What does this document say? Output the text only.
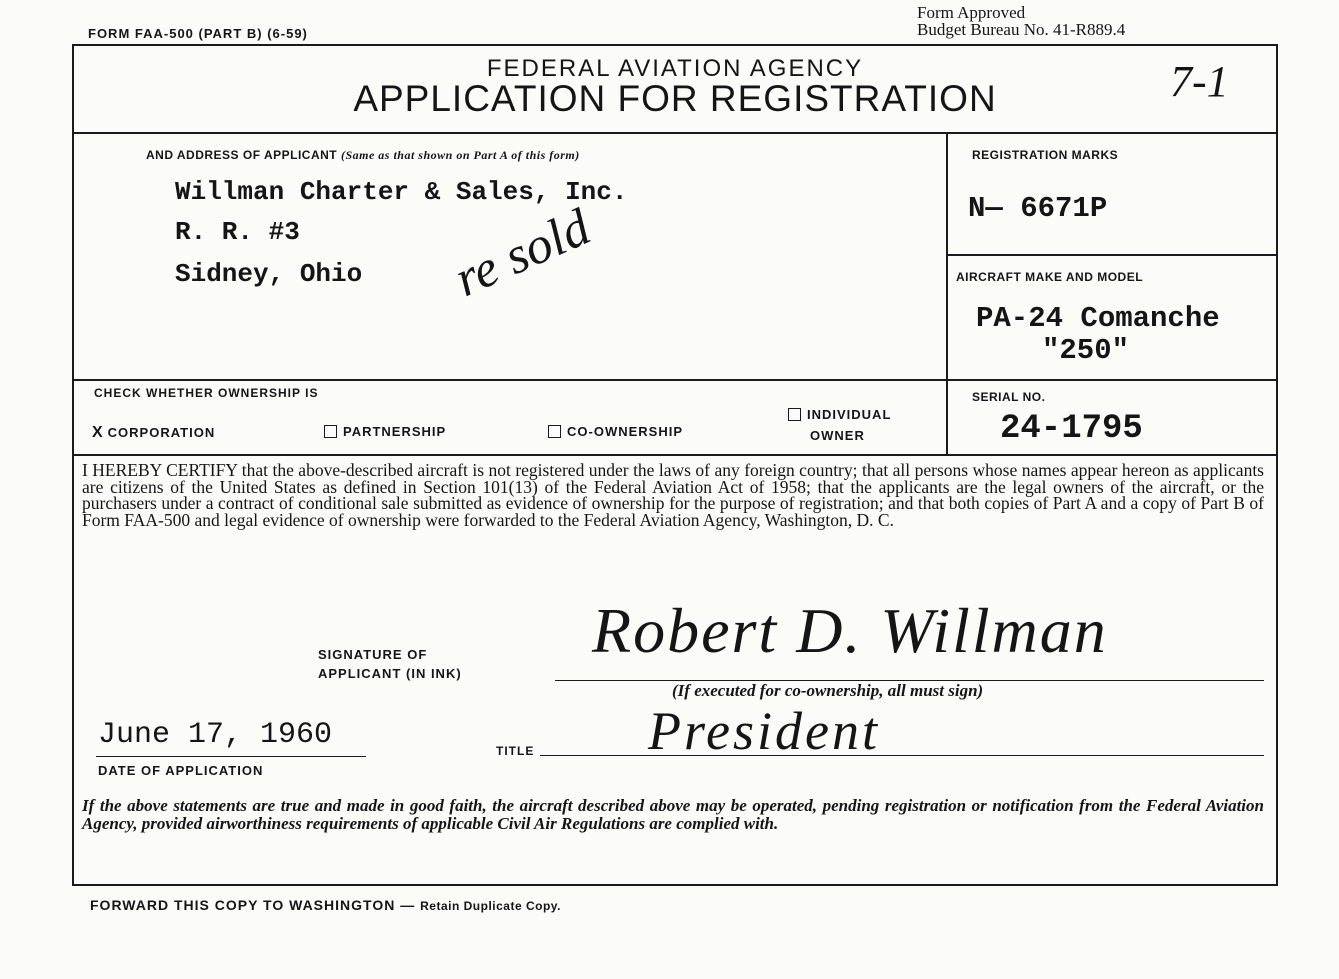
FORM FAA-500 (PART B) (6-59)
Form Approved
Budget Bureau No. 41-R889.4
FEDERAL AVIATION AGENCY
APPLICATION FOR REGISTRATION	7-1
AND ADDRESS OF APPLICANT (Same as that shown on Part A of this form)
Willman Charter & Sales, Inc.
R. R. #3
Sidney, Ohio re sold
REGISTRATION MARKS
N— 6671P
AIRCRAFT MAKE AND MODEL
PA-24 Comanche
"250"
CHECK WHETHER OWNERSHIP IS
X CORPORATION	PARTNERSHIP	CO-OWNERSHIP
INDIVIDUAL
OWNER
SERIAL NO.
24-1795
I HEREBY CERTIFY that the above-described aircraft is not registered under the laws of any foreign country; that all persons whose names appear hereon as applicants are citizens of the United States as defined in Section 101(13) of the Federal Aviation Act of 1958; that the applicants are the legal owners of the aircraft, or the purchasers under a contract of conditional sale submitted as evidence of ownership for the purpose of registration; and that both copies of Part A and a copy of Part B of Form FAA-500 and legal evidence of ownership were forwarded to the Federal Aviation Agency, Washington, D. C.
SIGNATURE OF
APPLICANT (IN INK)
Robert D. Willman
(If executed for co-ownership, all must sign)
June 17, 1960
DATE OF APPLICATION
TITLE President
If the above statements are true and made in good faith, the aircraft described above may be operated, pending registration or notification from the Federal Aviation Agency, provided airworthiness requirements of applicable Civil Air Regulations are complied with.
FORWARD THIS COPY TO WASHINGTON — Retain Duplicate Copy.
